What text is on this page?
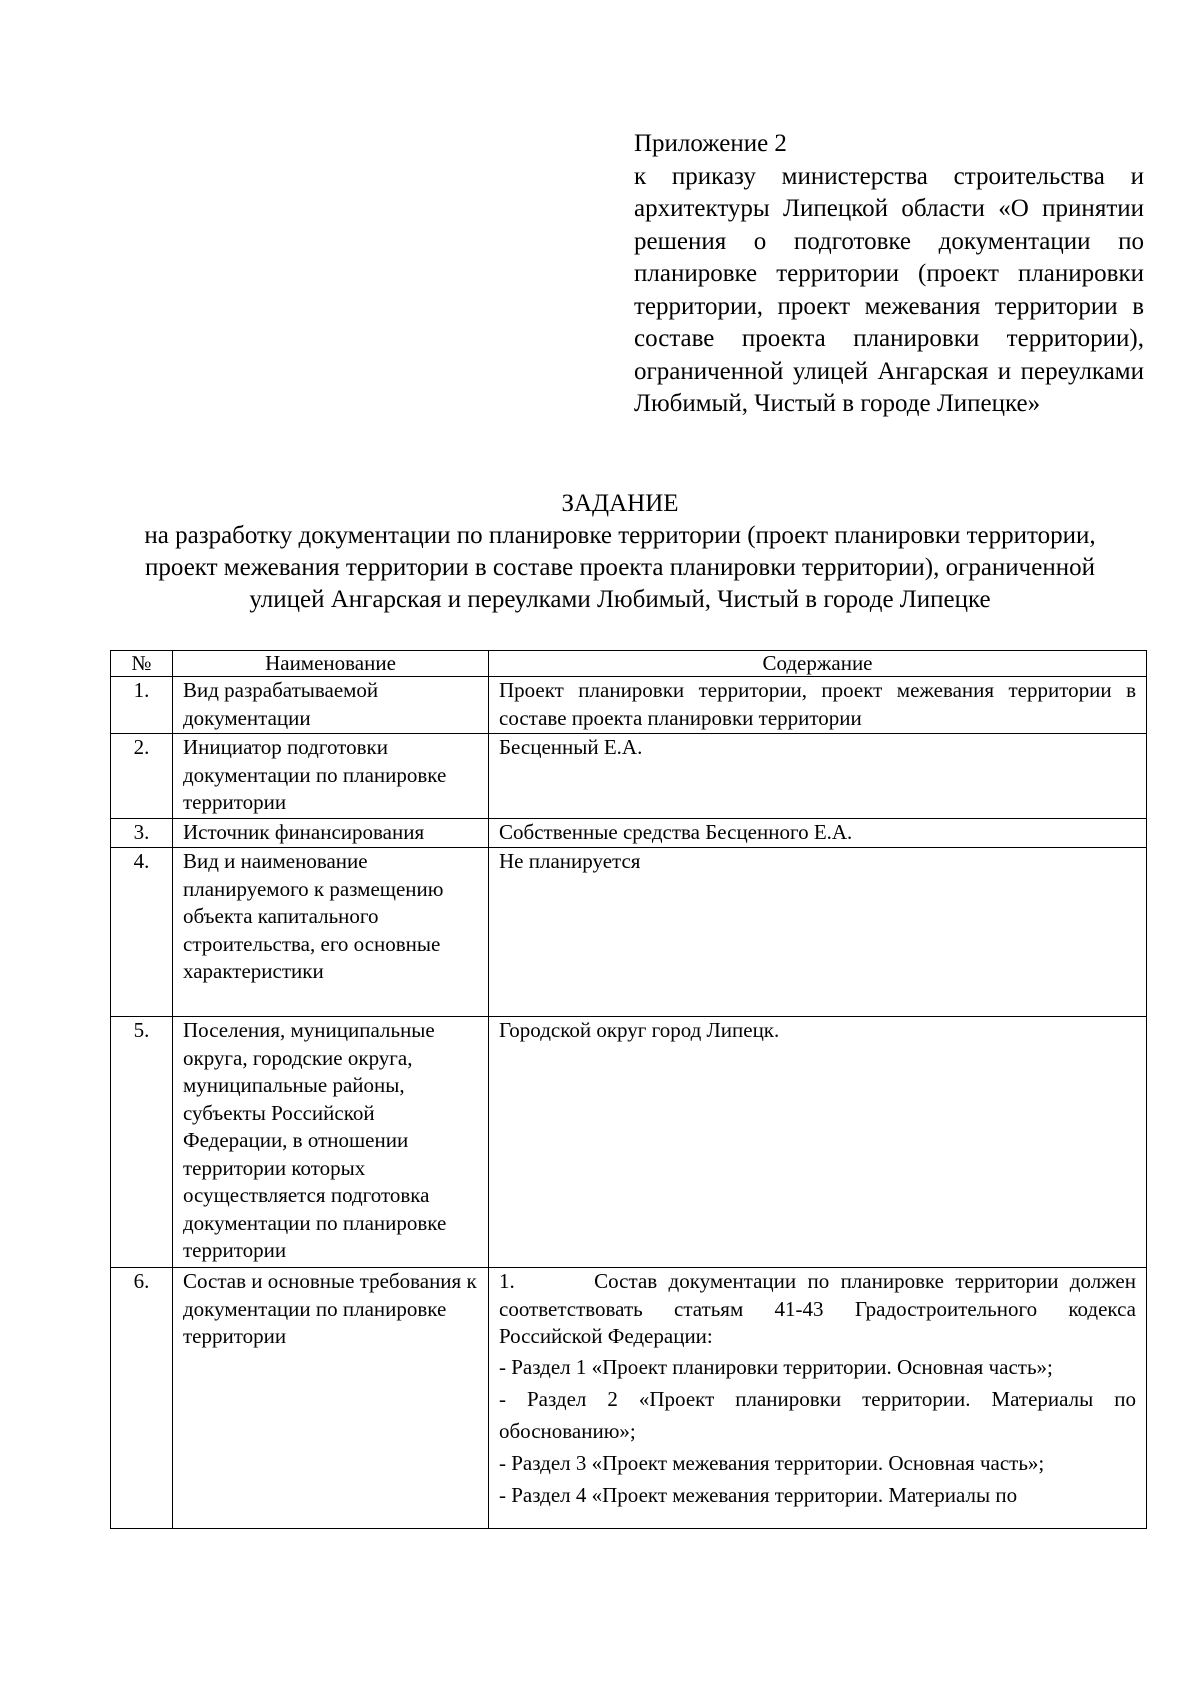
Приложение 2
к приказу министерства строительства и архитектуры Липецкой области «О принятии решения о подготовке документации по планировке территории (проект планировки территории, проект межевания территории в составе проекта планировки территории), ограниченной улицей Ангарская и переулками Любимый, Чистый в городе Липецке»
ЗАДАНИЕ
на разработку документации по планировке территории (проект планировки территории, проект межевания территории в составе проекта планировки территории), ограниченной улицей Ангарская и переулками Любимый, Чистый в городе Липецке
№	Наименование	Содержание
1.	Вид разрабатываемой документации	Проект планировки территории, проект межевания территории в составе проекта планировки территории
2.	Инициатор подготовки документации по планировке территории	Бесценный Е.А.
3.	Источник финансирования	Собственные средства Бесценного Е.А.
4.	Вид и наименование планируемого к размещению объекта капитального строительства, его основные характеристики	Не планируется
5.	Поселения, муниципальные округа, городские округа, муниципальные районы, субъекты Российской Федерации, в отношении территории которых осуществляется подготовка документации по планировке территории	Городской округ город Липецк.
6.	Состав и основные требования к документации по планировке территории	1.       Состав документации по планировке территории должен соответствовать статьям 41-43 Градостроительного кодекса Российской Федерации:

- Раздел 1 «Проект планировки территории. Основная часть»;

- Раздел 2 «Проект планировки территории. Материалы по обоснованию»;

- Раздел 3 «Проект межевания территории. Основная часть»;

- Раздел 4 «Проект межевания территории. Материалы по
